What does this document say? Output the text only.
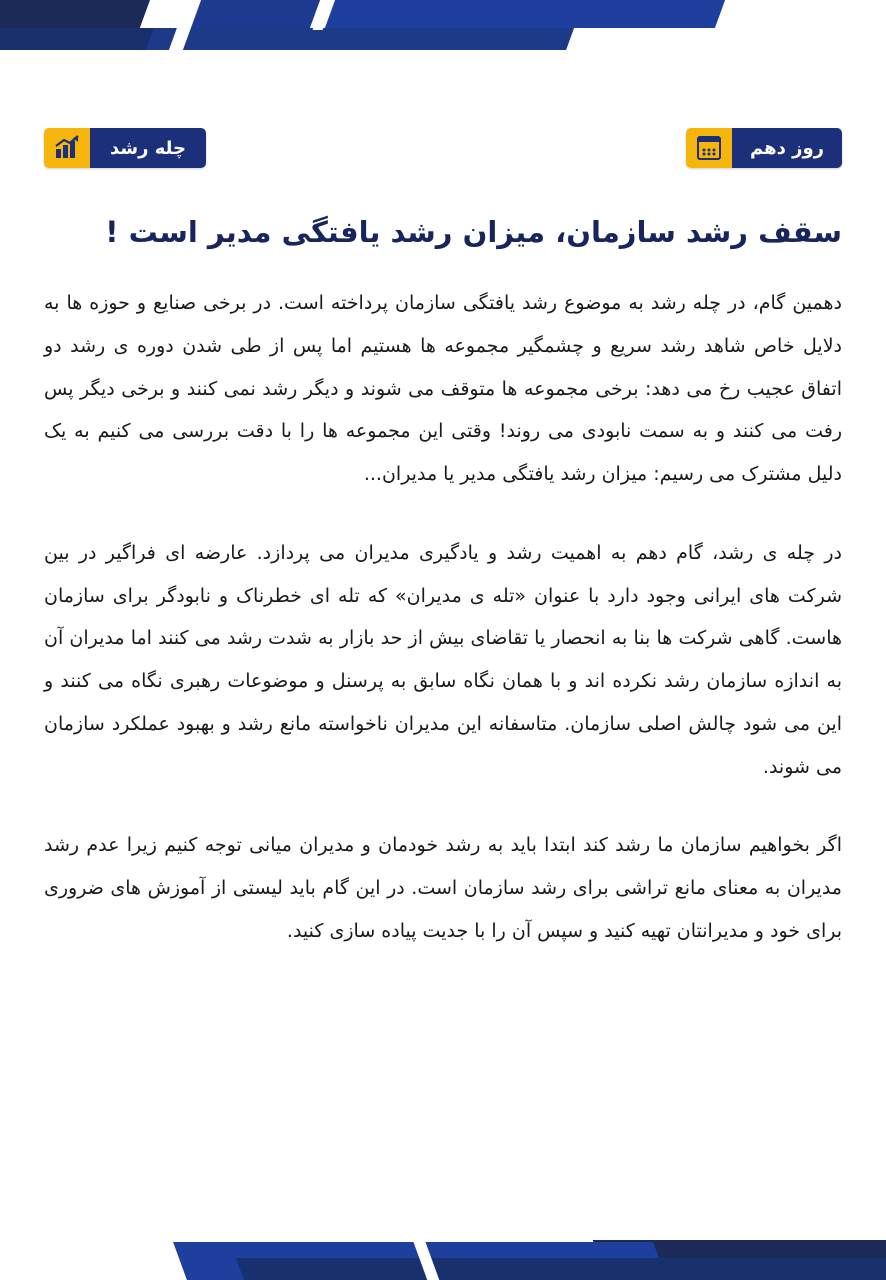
چله رشد	روز دهم
سقف رشد سازمان، میزان رشد یافتگی مدیر است !

دهمین گام، در چله رشد به موضوع رشد یافتگی سازمان پرداخته است. در برخی صنایع و حوزه ها به دلایل خاص شاهد رشد سریع و چشمگیر مجموعه ها هستیم اما پس از طی شدن دوره ی رشد دو اتفاق عجیب رخ می دهد: برخی مجموعه ها متوقف می شوند و دیگر رشد نمی کنند و برخی دیگر پس رفت می کنند و به سمت نابودی می روند! وقتی این مجموعه ها را با دقت بررسی می کنیم به یک دلیل مشترک می رسیم: میزان رشد یافتگی مدیر یا مدیران...

در چله ی رشد، گام دهم به اهمیت رشد و یادگیری مدیران می پردازد. عارضه ای فراگیر در بین شرکت های ایرانی وجود دارد با عنوان «تله ی مدیران» که تله ای خطرناک و نابودگر برای سازمان هاست. گاهی شرکت ها بنا به انحصار یا تقاضای بیش از حد بازار به شدت رشد می کنند اما مدیران آن به اندازه سازمان رشد نکرده اند و با همان نگاه سابق به پرسنل و موضوعات رهبری نگاه می کنند و این می شود چالش اصلی سازمان. متاسفانه این مدیران ناخواسته مانع رشد و بهبود عملکرد سازمان می شوند.

اگر بخواهیم سازمان ما رشد کند ابتدا باید به رشد خودمان و مدیران میانی توجه کنیم زیرا عدم رشد مدیران به معنای مانع تراشی برای رشد سازمان است. در این گام باید لیستی از آموزش های ضروری برای خود و مدیرانتان تهیه کنید و سپس آن را با جدیت پیاده سازی کنید.
